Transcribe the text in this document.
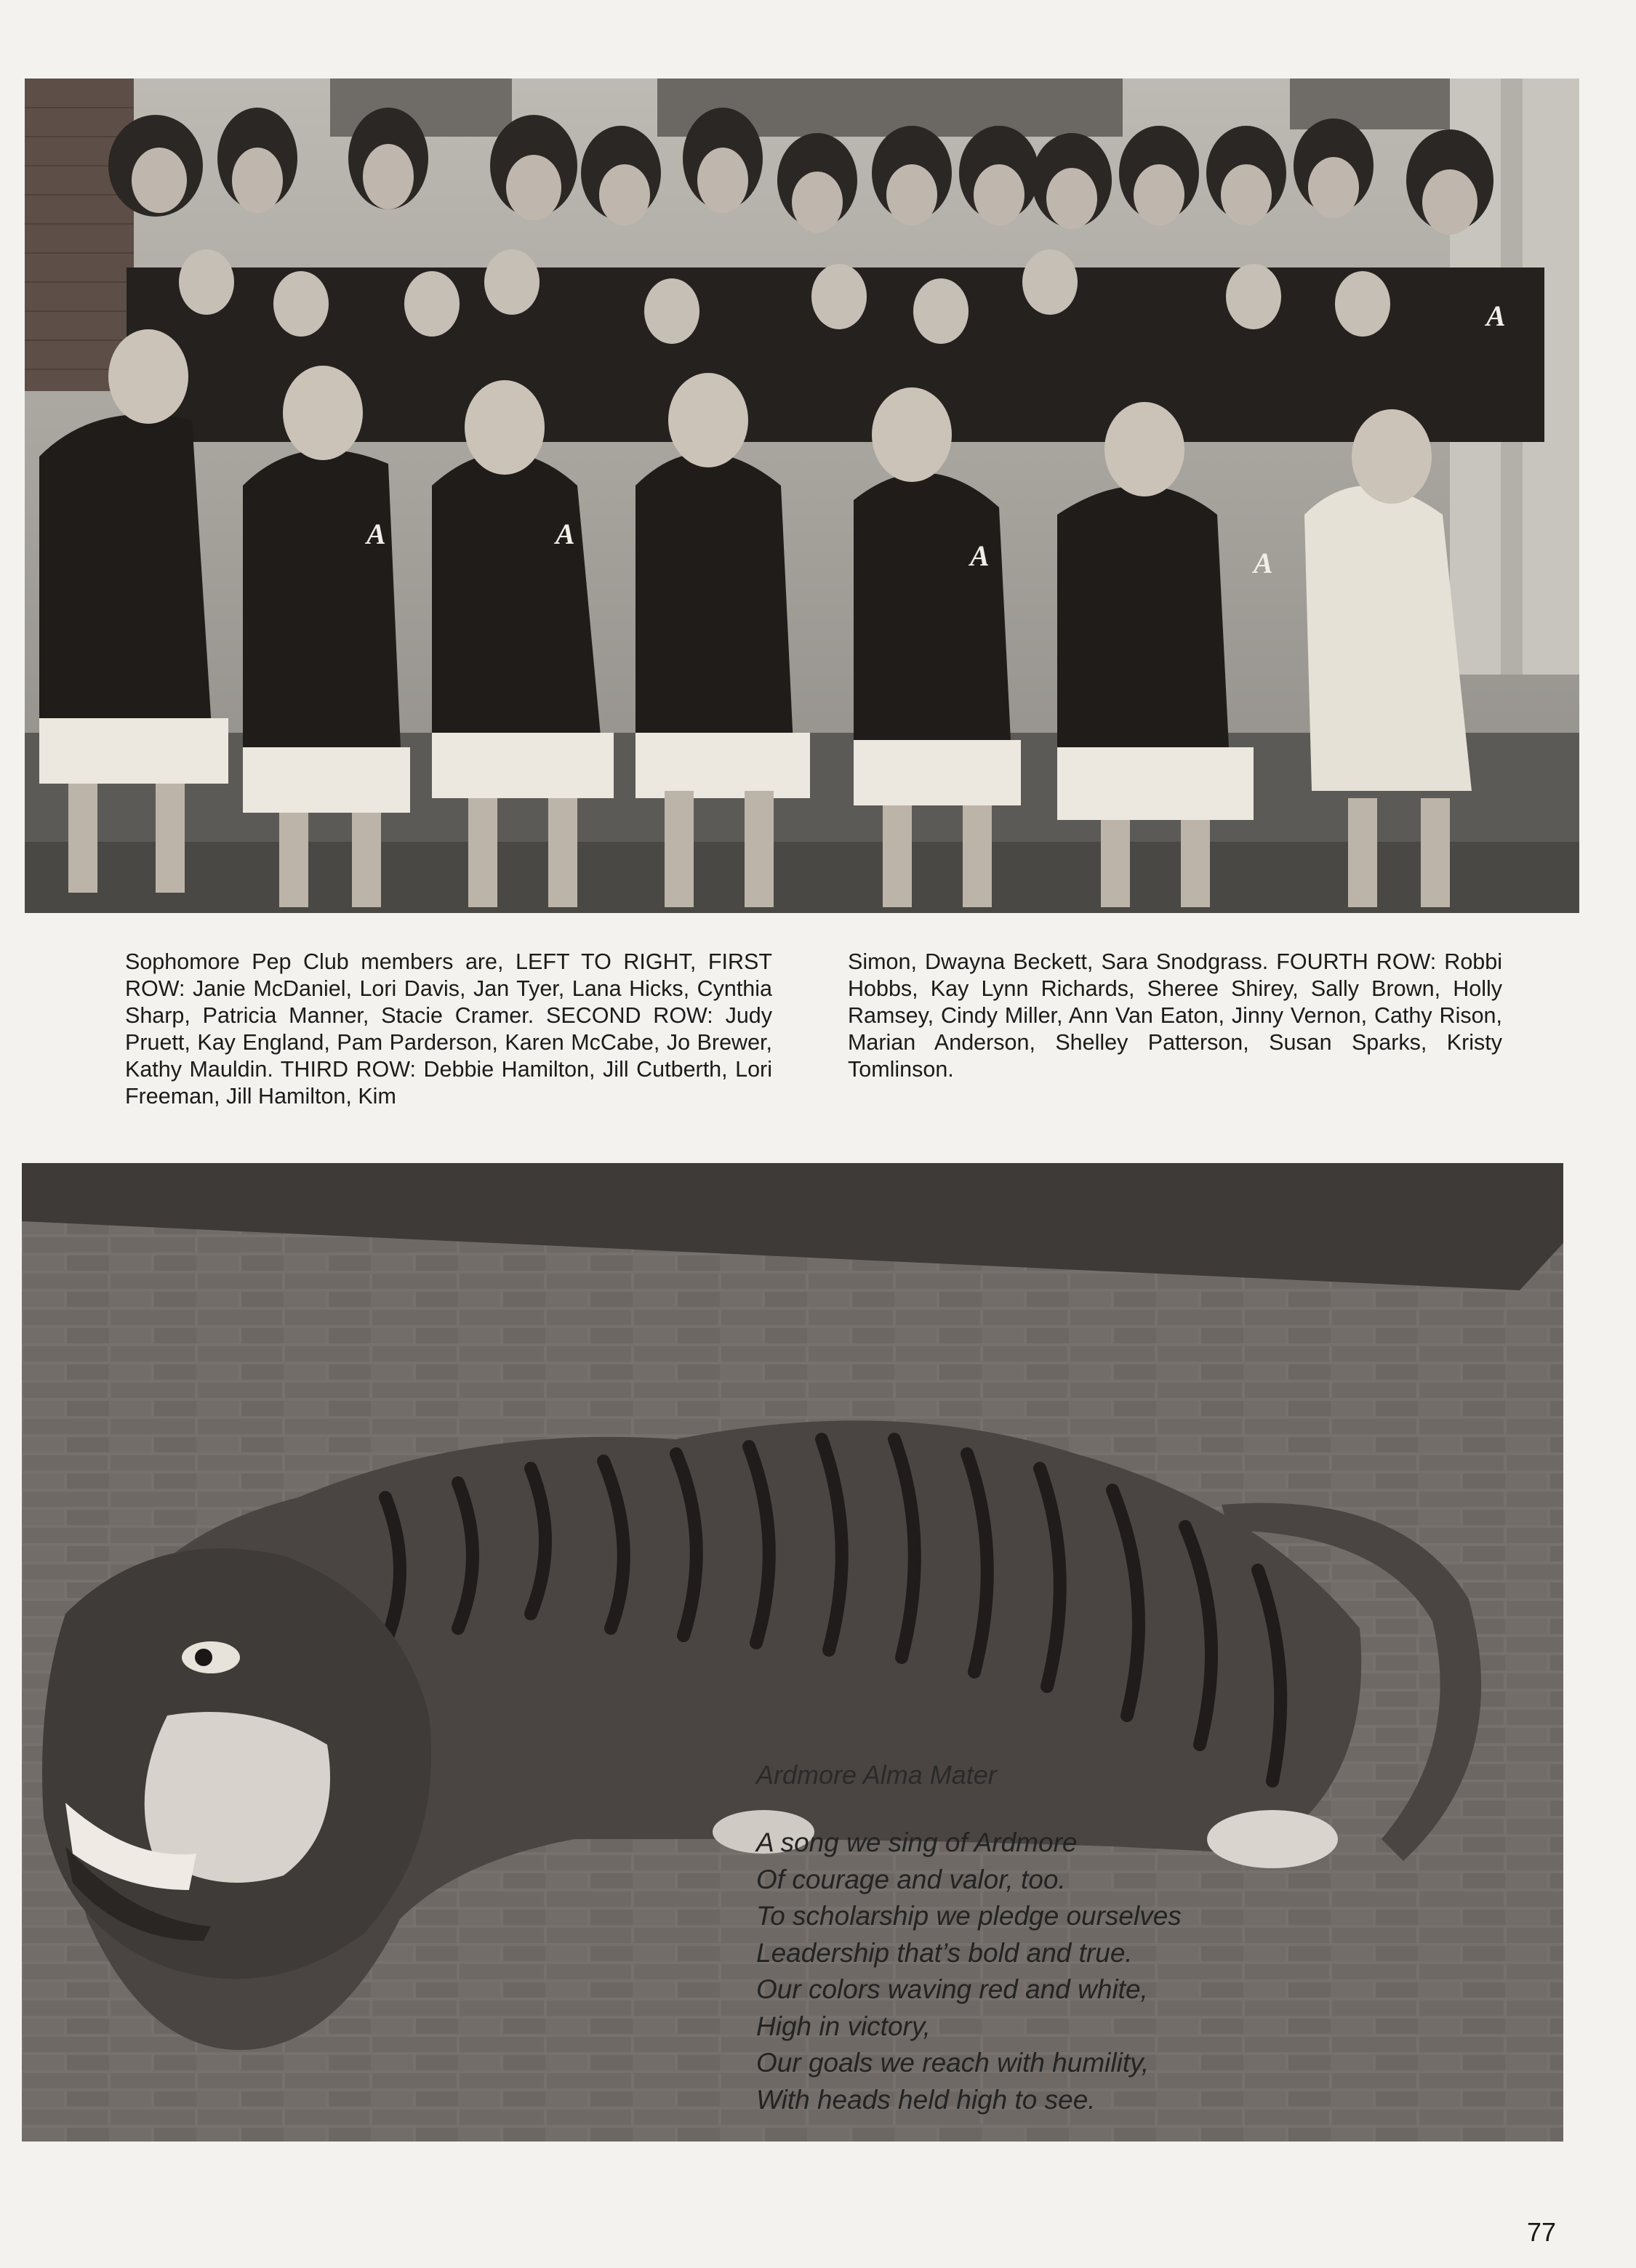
A	A
A	A
A
Sophomore Pep Club members are, LEFT TO RIGHT, FIRST ROW: Janie McDaniel, Lori Davis, Jan Tyer, Lana Hicks, Cynthia Sharp, Patricia Manner, Stacie Cramer. SECOND ROW: Judy Pruett, Kay England, Pam Parderson, Karen McCabe, Jo Brewer, Kathy Mauldin. THIRD ROW: Debbie Hamilton, Jill Cutberth, Lori Freeman, Jill Hamilton, Kim
Simon, Dwayna Beckett, Sara Snodgrass. FOURTH ROW: Robbi Hobbs, Kay Lynn Richards, Sheree Shirey, Sally Brown, Holly Ramsey, Cindy Miller, Ann Van Eaton, Jinny Vernon, Cathy Rison, Marian Anderson, Shelley Patterson, Susan Sparks, Kristy Tomlinson.
Ardmore Alma Mater
A song we sing of Ardmore
Of courage and valor, too.
To scholarship we pledge ourselves
Leadership that’s bold and true.
Our colors waving red and white,
High in victory,
Our goals we reach with humility,
With heads held high to see.
77
